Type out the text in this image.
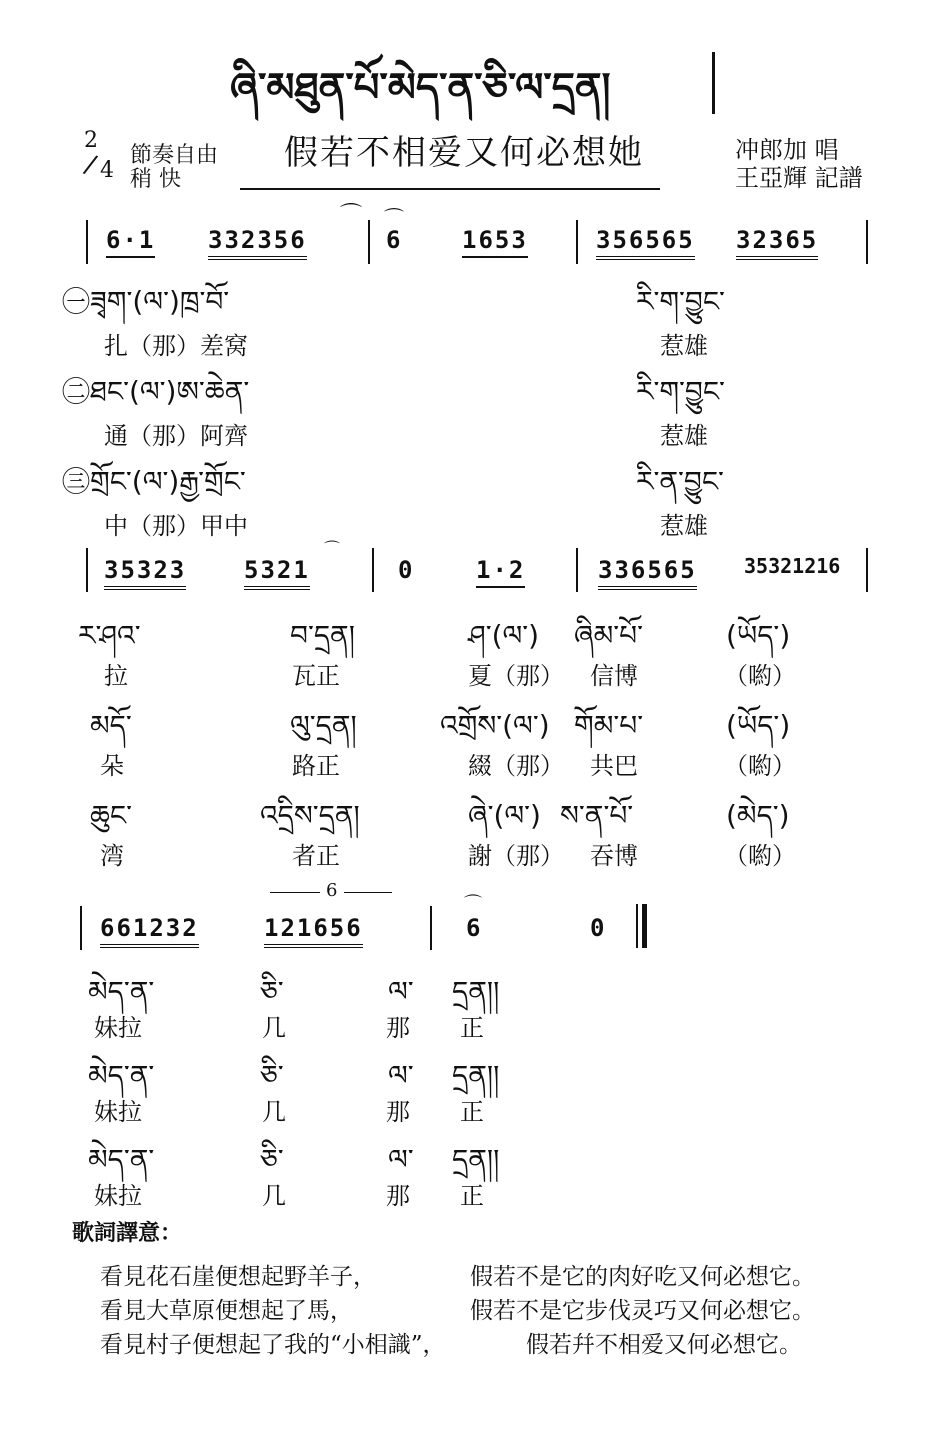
ཞི་མཐུན་པོ་མེད་ན་ཅི་ལ་དྲན།
2
/ 4
節奏自由
稍 快
假若不相爱又何必想她	冲郎加 唱
王亞輝 記譜
6·1 332356
⌒ ⌒
6 1653	356565 32365
㊀ཟྭག་(ལ་)ཁྲ་བོ་	རི་ག་བྱུང་
扎（那）差窝	惹雄
㊁ཐང་(ལ་)ཨ་ཆེན་	རི་ག་བྱུང་
通（那）阿齊	惹雄
㊂གྲོང་(ལ་)རྒྱ་གྲོང་	རི་ན་བྱུང་
中（那）甲中	惹雄
35323 5321
⌒
0	1·2	336565 35321216
ར་ཤའ་	བ་དྲན།	ཤ་(ལ་) ཞིམ་པོ་	(ཡོད་)
拉	瓦正	夏（那） 信博	（喲）
མདོ་	ལུ་དྲན།	འགྲོས་(ལ་) གོམ་པ་	(ཡོད་)
朵	路正	綴（那） 共巴	（喲）
ཆུང་	འདྲིས་དྲན།	ཞེ་(ལ་) ས་ན་པོ་	(མེད་)
湾	者正	謝（那） 吞博	（喲）
6
661232	121656
⌒
6	0
མེད་ན་	ཅི་	ལ་ དྲན།།
妹拉	几	那 正
མེད་ན་	ཅི་	ལ་ དྲན།།
妹拉	几	那 正
མེད་ན་	ཅི་	ལ་ དྲན།།
妹拉	几	那 正
歌詞譯意：
看見花石崖便想起野羊子，	假若不是它的肉好吃又何必想它。
看見大草原便想起了馬，	假若不是它步伐灵巧又何必想它。
看見村子便想起了我的“小相識”，	假若幷不相爱又何必想它。
